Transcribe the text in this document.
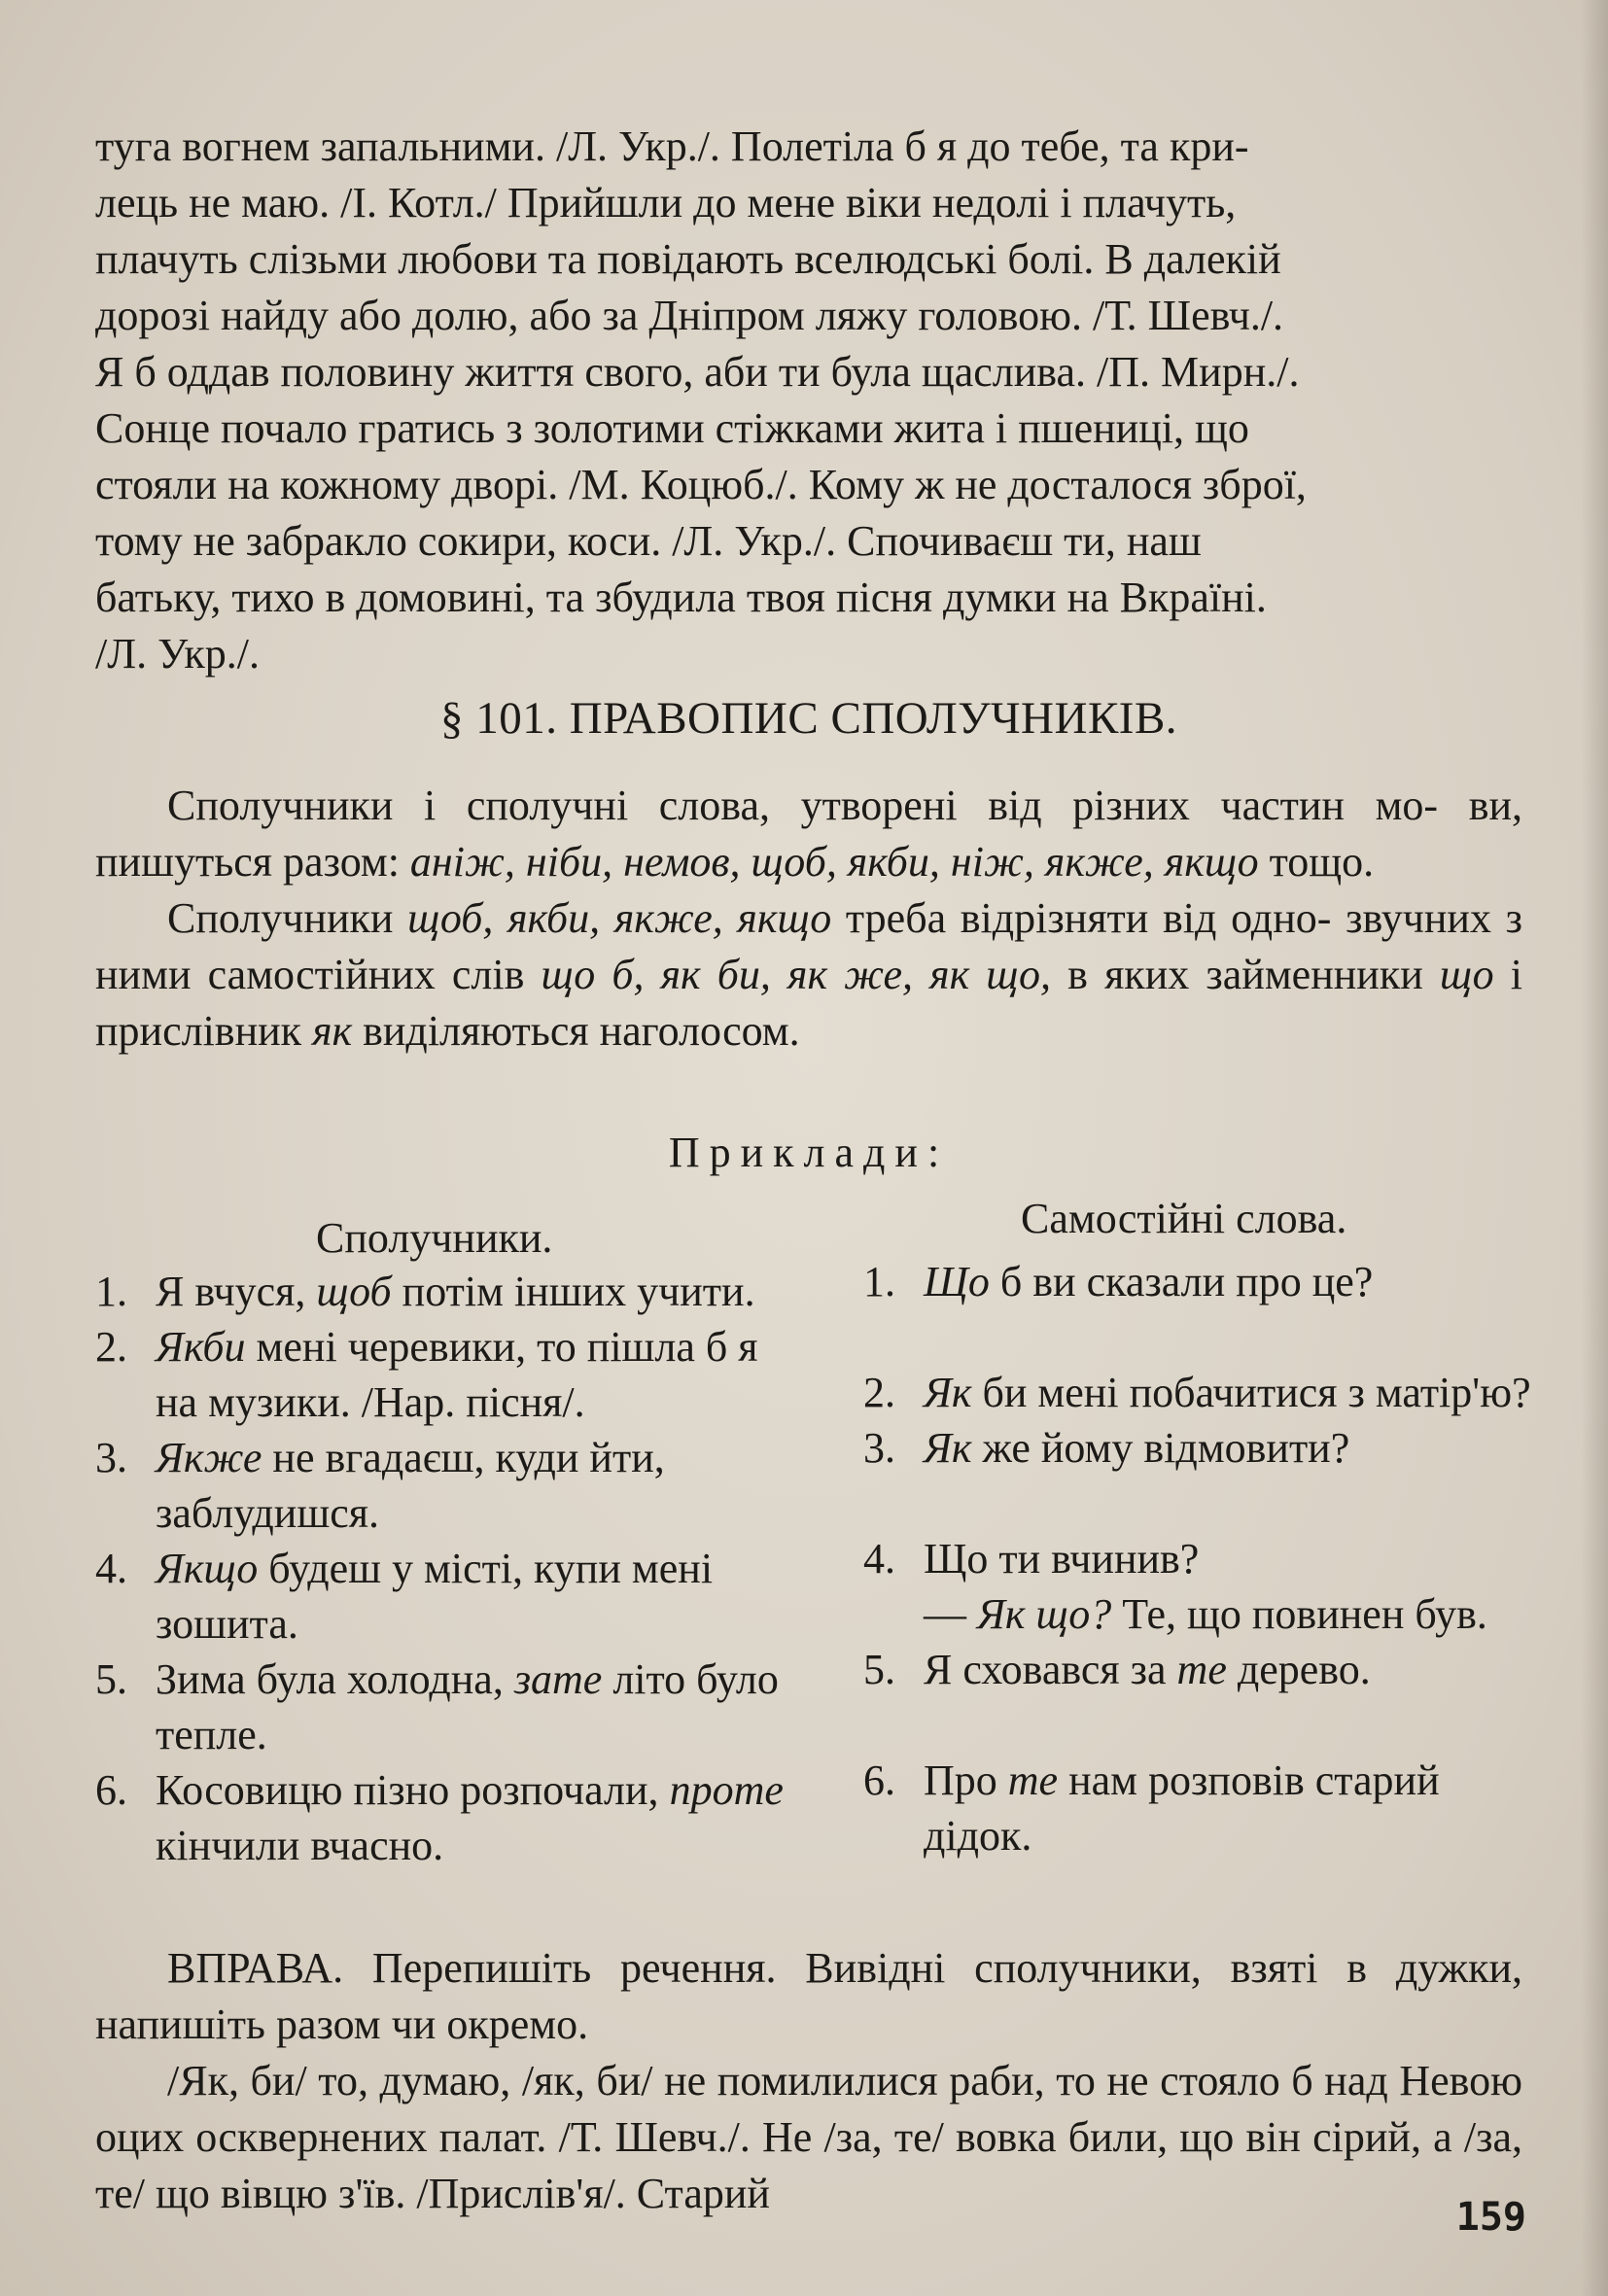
туга вогнем запальними. /Л. Укр./. Полетіла б я до тебе, та кри-
лець не маю. /І. Котл./ Прийшли до мене віки недолі і плачуть,
плачуть слізьми любови та повідають вселюдські болі. В далекій
дорозі найду або долю, або за Дніпром ляжу головою. /Т. Шевч./.
Я б оддав половину життя свого, аби ти була щаслива. /П. Мирн./.
Сонце почало гратись з золотими стіжками жита і пшениці, що
стояли на кожному дворі. /М. Коцюб./. Кому ж не досталося зброї,
тому не забракло сокири, коси. /Л. Укр./. Спочиваєш ти, наш
батьку, тихо в домовині, та збудила твоя пісня думки на Вкраїні.
/Л. Укр./.

§ 101. ПРАВОПИС СПОЛУЧНИКІВ.

Сполучники і сполучні слова, утворені від різних частин мо- ви, пишуться разом: аніж, нібu, немов, щоб, якби, ніж, якже, якщо тощо.

Сполучники щоб, якби, якже, якщо треба відрізняти від одно- звучних з ними самостійних слів що б, як би, як же, як що, в яких займенники що і прислівник як виділяються наголосом.

Приклади:
Сполучники.	Самостійні слова.
1. Я вчуся, щоб потім інших учити.
2. Якби мені черевики, то пішла б я на музики. /Нар. пісня/.
3. Якже не вгадаєш, куди йти, заблудишся.
4. Якщо будеш у місті, купи мені зошита.
5. Зима була холодна, зате літо було тепле.
6. Косовицю пізно розпочали, проте кінчили вчасно.
1. Що б ви сказали про це?
2. Як би мені побачитися з матір'ю?
3. Як же йому відмовити?
4. Що ти вчинив?
— Як що? Те, що повинен був.
5. Я сховався за те дерево.
6. Про те нам розповів старий дідок.

ВПРАВА. Перепишіть речення. Вивідні сполучники, взяті в дужки, напишіть разом чи окремо.

/Як, би/ то, думаю, /як, би/ не помилилися раби, то не стояло б над Невою оцих осквернених палат. /Т. Шевч./. Не /за, те/ вовка били, що він сірий, а /за, те/ що вівцю з'їв. /Прислів'я/. Старий	159
